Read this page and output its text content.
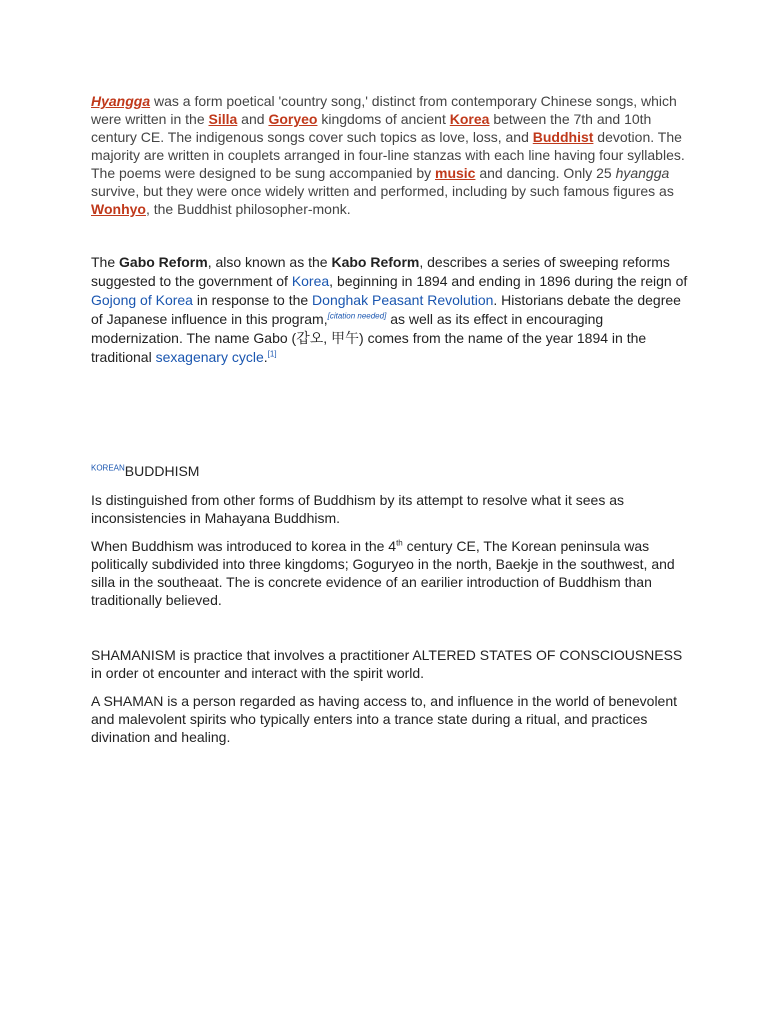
Hyangga was a form poetical 'country song,' distinct from contemporary Chinese songs, which were written in the Silla and Goryeo kingdoms of ancient Korea between the 7th and 10th century CE. The indigenous songs cover such topics as love, loss, and Buddhist devotion. The majority are written in couplets arranged in four-line stanzas with each line having four syllables. The poems were designed to be sung accompanied by music and dancing. Only 25 hyangga survive, but they were once widely written and performed, including by such famous figures as Wonhyo, the Buddhist philosopher-monk.

The Gabo Reform, also known as the Kabo Reform, describes a series of sweeping reforms suggested to the government of Korea, beginning in 1894 and ending in 1896 during the reign of Gojong of Korea in response to the Donghak Peasant Revolution. Historians debate the degree of Japanese influence in this program,[citation needed] as well as its effect in encouraging modernization. The name Gabo (갑오, 甲午) comes from the name of the year 1894 in the traditional sexagenary cycle.[1]

$^{KOREAN}$BUDDHISM

Is distinguished from other forms of Buddhism by its attempt to resolve what it sees as inconsistencies in Mahayana Buddhism.

When Buddhism was introduced to korea in the 4th century CE, The Korean peninsula was politically subdivided into three kingdoms; Goguryeo in the north, Baekje in the southwest, and silla in the southeaat. The is concrete evidence of an earilier introduction of Buddhism than traditionally believed.

SHAMANISM is practice that involves a practitioner ALTERED STATES OF CONSCIOUSNESS in order ot encounter and interact with the spirit world.

A SHAMAN is a person regarded as having access to, and influence in the world of benevolent and malevolent spirits who typically enters into a trance state during a ritual, and practices divination and healing.
